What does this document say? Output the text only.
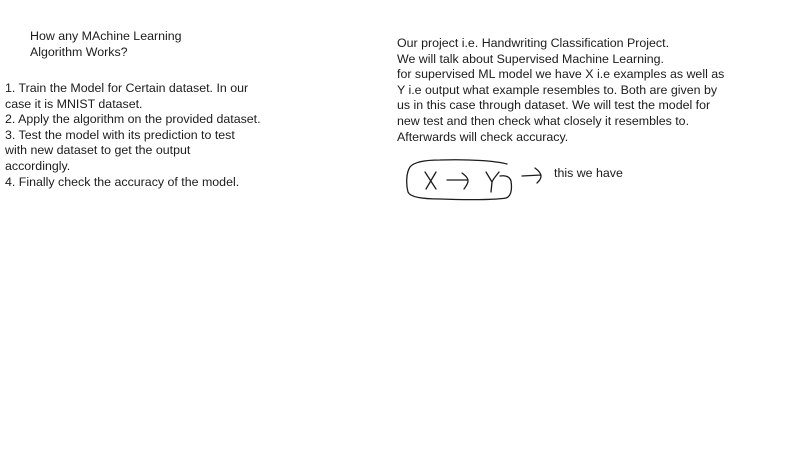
How any MAchine Learning
Algorithm Works?
1. Train the Model for Certain dataset. In our
case it is MNIST dataset.
2. Apply the algorithm on the provided dataset.
3. Test the model with its prediction to test
with new dataset to get the output
accordingly.
4. Finally check the accuracy of the model.
Our project i.e. Handwriting Classification Project.
We will talk about Supervised Machine Learning.
for supervised ML model we have X i.e examples as well as
Y i.e output what example resembles to. Both are given by
us in this case through dataset. We will test the model for
new test and then check what closely it resembles to.
Afterwards will check accuracy.
this we have
